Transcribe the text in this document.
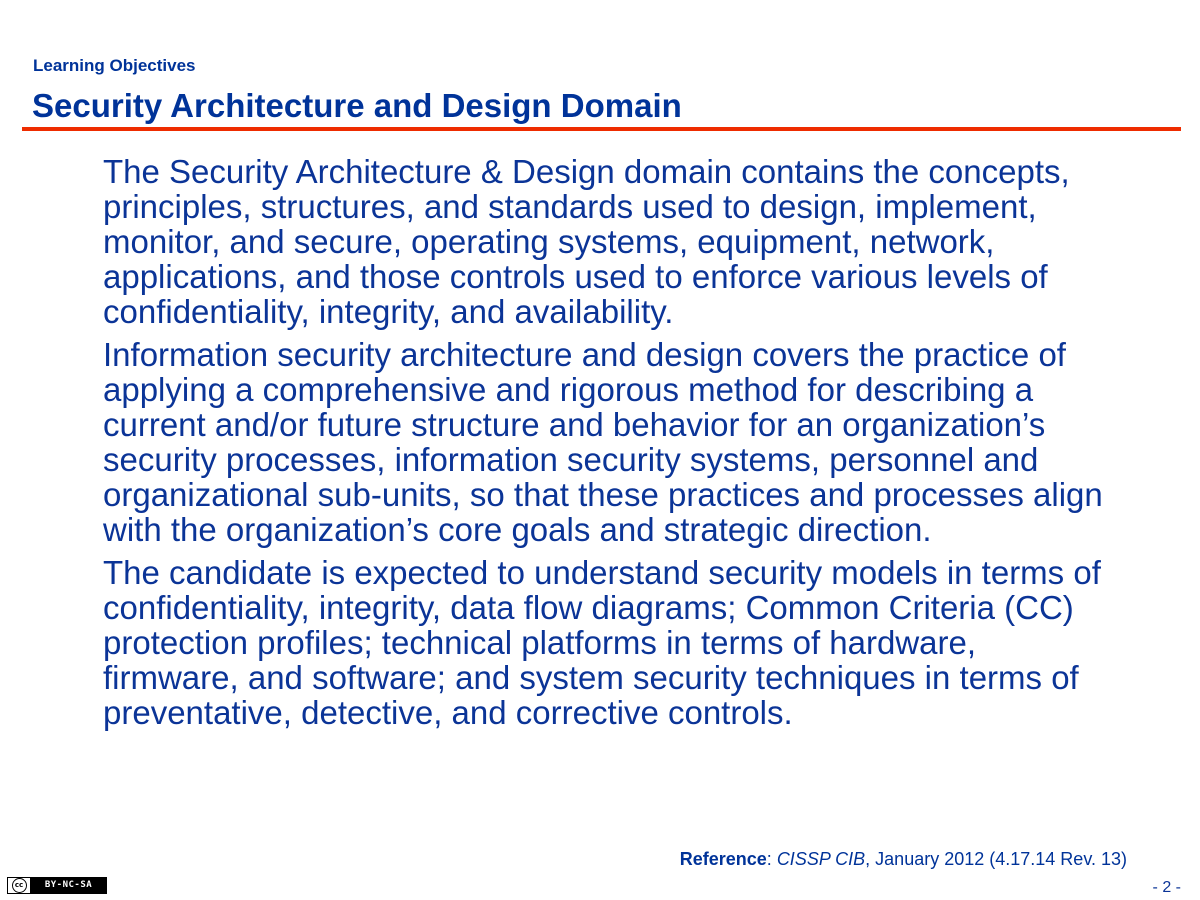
Learning Objectives
Security Architecture and Design Domain

The Security Architecture & Design domain contains the concepts, principles, structures, and standards used to design, implement, monitor, and secure, operating systems, equipment, network, applications, and those controls used to enforce various levels of confidentiality, integrity, and availability.

Information security architecture and design covers the practice of applying a comprehensive and rigorous method for describing a current and/or future structure and behavior for an organization’s security processes, information security systems, personnel and organizational sub-units, so that these practices and processes align with the organization’s core goals and strategic direction.

The candidate is expected to understand security models in terms of confidentiality, integrity, data flow diagrams; Common Criteria (CC) protection profiles; technical platforms in terms of hardware, firmware, and software; and system security techniques in terms of preventative, detective, and corrective controls.

Reference: CISSP CIB, January 2012 (4.17.14 Rev. 13)
cc	BY-NC-SA	- 2 -
